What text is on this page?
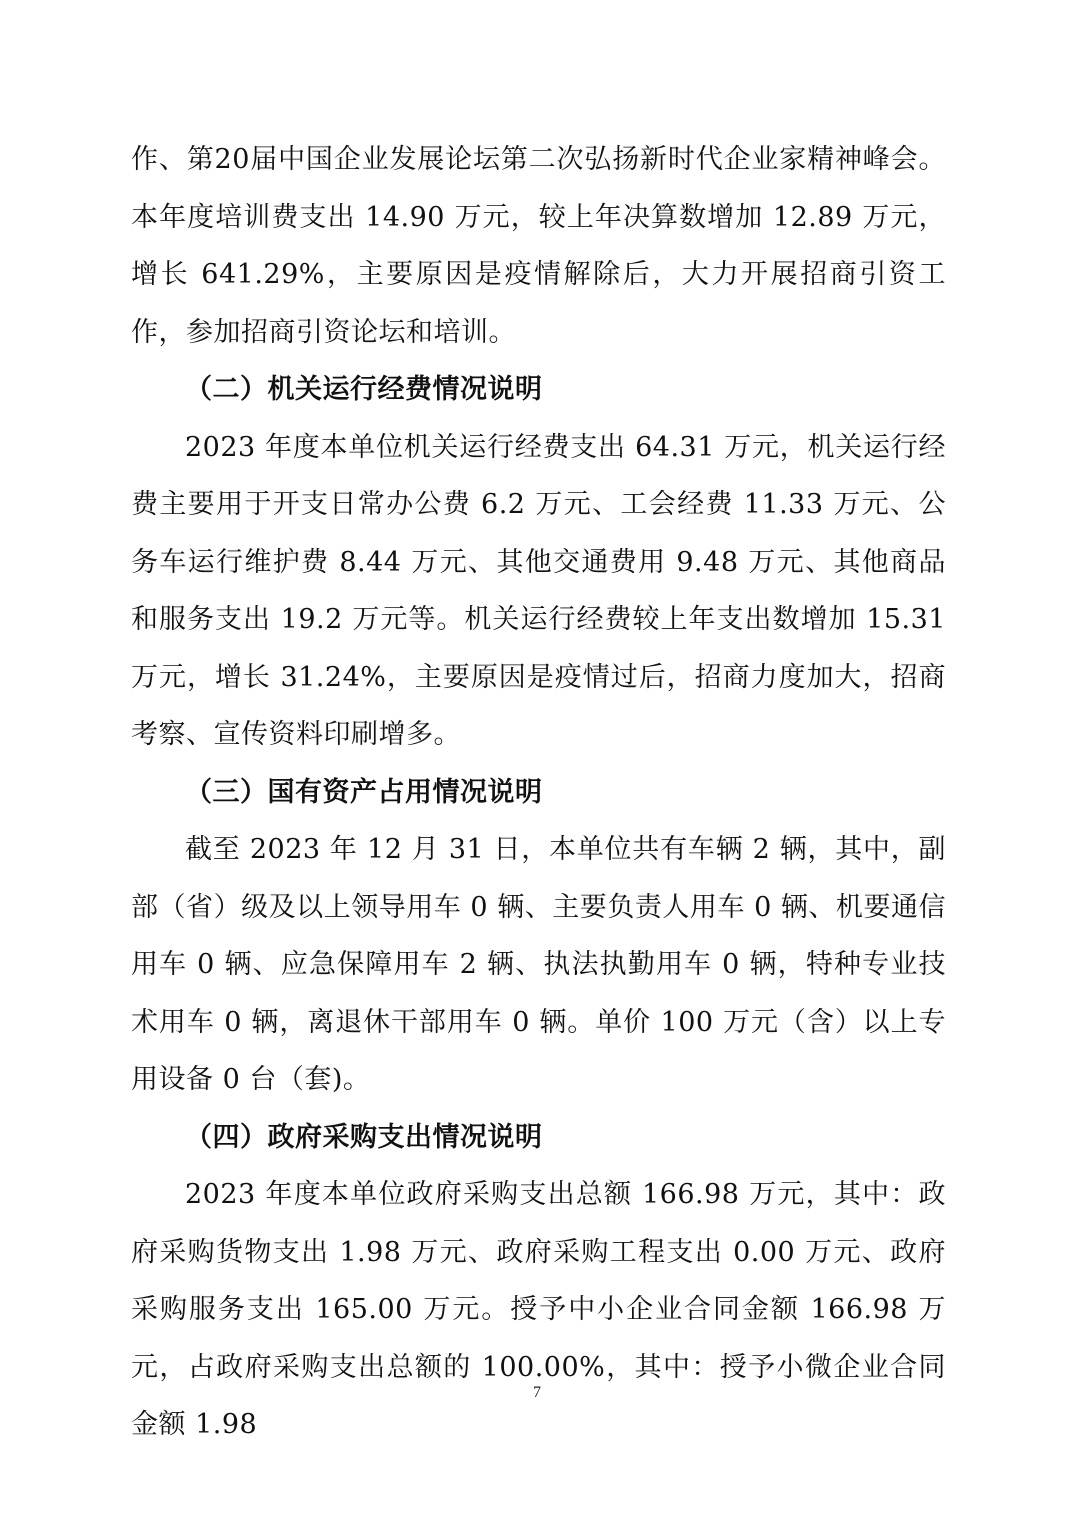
作、第20届中国企业发展论坛第二次弘扬新时代企业家精神峰会。本年度培训费支出 14.90 万元，较上年决算数增加 12.89 万元，增长 641.29%，主要原因是疫情解除后，大力开展招商引资工作，参加招商引资论坛和培训。

（二）机关运行经费情况说明

2023 年度本单位机关运行经费支出 64.31 万元，机关运行经费主要用于开支日常办公费 6.2 万元、工会经费 11.33 万元、公务车运行维护费 8.44 万元、其他交通费用 9.48 万元、其他商品和服务支出 19.2 万元等。机关运行经费较上年支出数增加 15.31 万元，增长 31.24%，主要原因是疫情过后，招商力度加大，招商考察、宣传资料印刷增多。

（三）国有资产占用情况说明

截至 2023 年 12 月 31 日，本单位共有车辆 2 辆，其中，副部（省）级及以上领导用车 0 辆、主要负责人用车 0 辆、机要通信用车 0 辆、应急保障用车 2 辆、执法执勤用车 0 辆，特种专业技术用车 0 辆，离退休干部用车 0 辆。单价 100 万元（含）以上专用设备 0 台（套)。

（四）政府采购支出情况说明

2023 年度本单位政府采购支出总额 166.98 万元，其中：政府采购货物支出 1.98 万元、政府采购工程支出 0.00 万元、政府采购服务支出 165.00 万元。授予中小企业合同金额 166.98 万元，占政府采购支出总额的 100.00%，其中：授予小微企业合同金额 1.98

7
